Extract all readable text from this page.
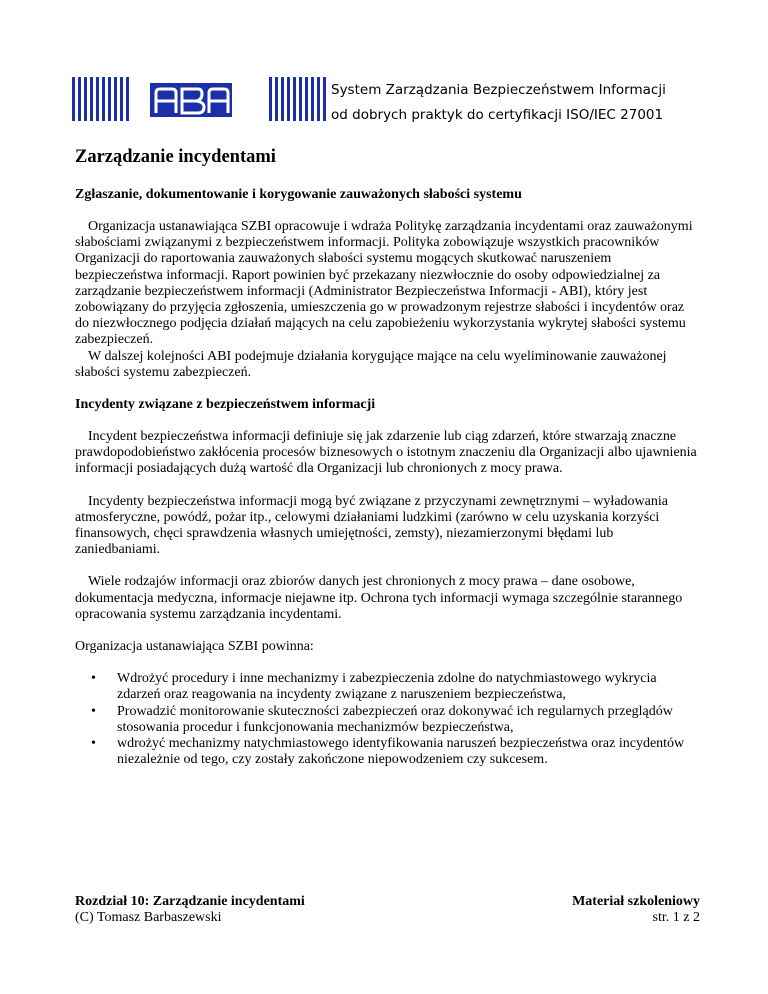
ABA
System Zarządzania Bezpieczeństwem Informacji
od dobrych praktyk do certyfikacji ISO/IEC 27001
Zarządzanie incydentami
Zgłaszanie, dokumentowanie i korygowanie zauważonych słabości systemu

Organizacja ustanawiająca SZBI opracowuje i wdraża Politykę zarządzania incydentami oraz zauważonymi słabościami związanymi z bezpieczeństwem informacji. Polityka zobowiązuje wszystkich pracowników Organizacji do raportowania zauważonych słabości systemu mogących skutkować naruszeniem bezpieczeństwa informacji. Raport powinien być przekazany niezwłocznie do osoby odpowiedzialnej za zarządzanie bezpieczeństwem informacji (Administrator Bezpieczeństwa Informacji - ABI), który jest zobowiązany do przyjęcia zgłoszenia, umieszczenia go w prowadzonym rejestrze słabości i incydentów oraz do niezwłocznego podjęcia działań mających na celu zapobieżeniu wykorzystania wykrytej słabości systemu zabezpieczeń.

W dalszej kolejności ABI podejmuje działania korygujące mające na celu wyeliminowanie zauważonej słabości systemu zabezpieczeń.

Incydenty związane z bezpieczeństwem informacji

Incydent bezpieczeństwa informacji definiuje się jak zdarzenie lub ciąg zdarzeń, które stwarzają znaczne prawdopodobieństwo zakłócenia procesów biznesowych o istotnym znaczeniu dla Organizacji albo ujawnienia informacji posiadających dużą wartość dla Organizacji lub chronionych z mocy prawa.

Incydenty bezpieczeństwa informacji mogą być związane z przyczynami zewnętrznymi – wyładowania atmosferyczne, powódź, pożar itp., celowymi działaniami ludzkimi (zarówno w celu uzyskania korzyści finansowych, chęci sprawdzenia własnych umiejętności, zemsty), niezamierzonymi błędami lub zaniedbaniami.

Wiele rodzajów informacji oraz zbiorów danych jest chronionych z mocy prawa – dane osobowe, dokumentacja medyczna, informacje niejawne itp. Ochrona tych informacji wymaga szczególnie starannego opracowania systemu zarządzania incydentami.

Organizacja ustanawiająca SZBI powinna:

• Wdrożyć procedury i inne mechanizmy i zabezpieczenia zdolne do natychmiastowego wykrycia zdarzeń oraz reagowania na incydenty związane z naruszeniem bezpieczeństwa,
• Prowadzić monitorowanie skuteczności zabezpieczeń oraz dokonywać ich regularnych przeglądów stosowania procedur i funkcjonowania mechanizmów bezpieczeństwa,
• wdrożyć mechanizmy natychmiastowego identyfikowania naruszeń bezpieczeństwa oraz incydentów niezależnie od tego, czy zostały zakończone niepowodzeniem czy sukcesem.
Rozdział 10: Zarządzanie incydentami
(C) Tomasz Barbaszewski
Materiał szkoleniowy
str. 1 z 2
